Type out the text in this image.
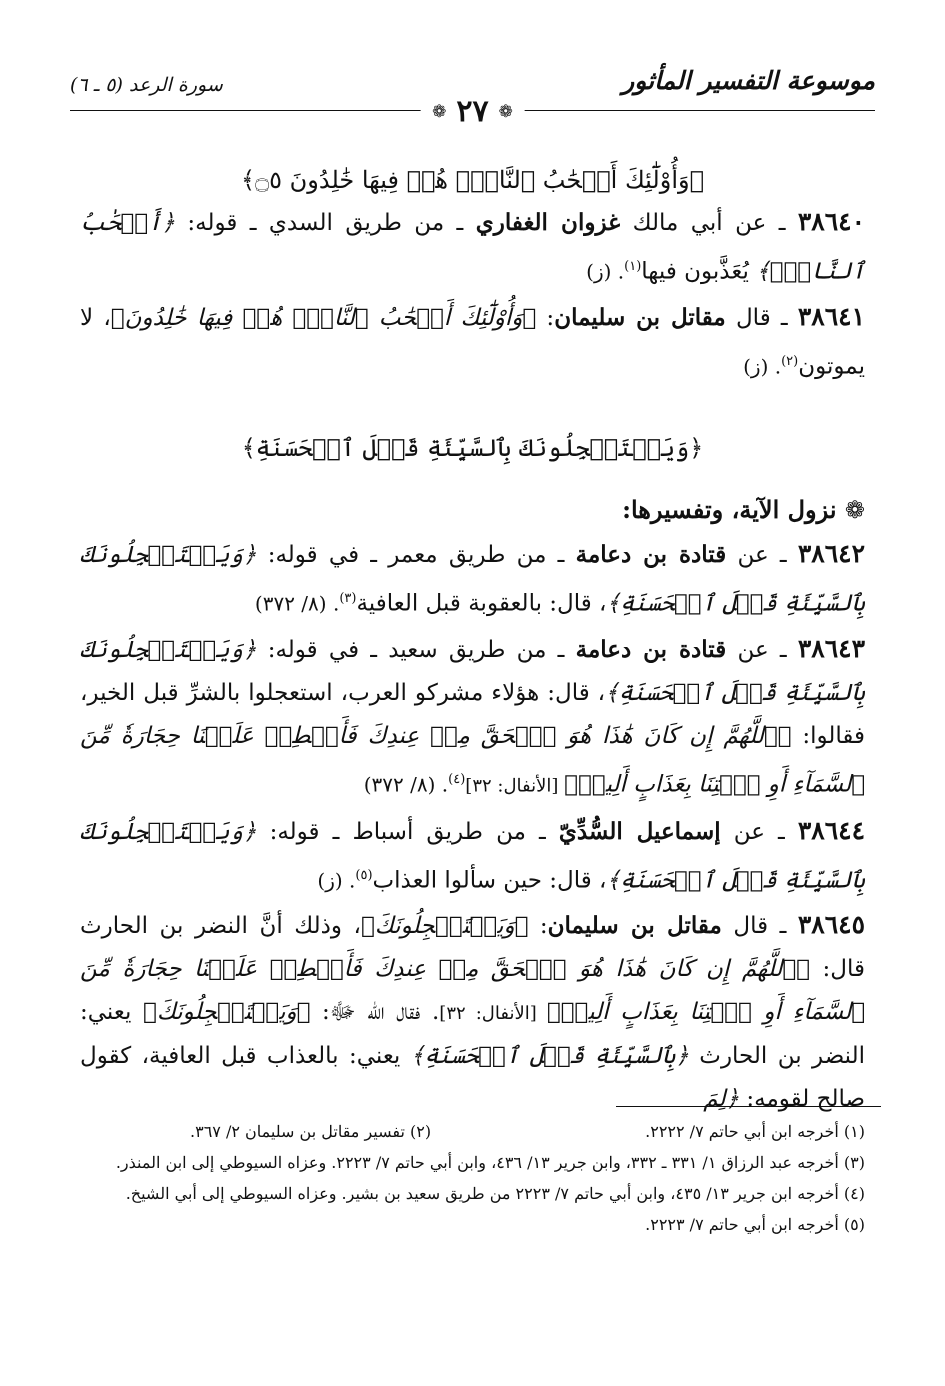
موسوعة التفسير المأثور
سورة الرعد (٥ ـ ٦)
❁ ٢٧ ❁

﴿وَأُوْلَٰٓئِكَ أَصۡحَٰبُ ٱلنَّارِۖ هُمۡ فِيهَا خَٰلِدُونَ ۝٥﴾

٣٨٦٤٠ ـ عن أبي مالك غزوان الغفاري ـ من طريق السدي ـ قوله: ﴿أَصۡحَٰبُ ٱلنَّارِۖ﴾ يُعَذَّبون فيها$^{(١)}$. (ز)

٣٨٦٤١ ـ قال مقاتل بن سليمان: ﴿وَأُوْلَٰٓئِكَ أَصۡحَٰبُ ٱلنَّارِۖ هُمۡ فِيهَا خَٰلِدُونَ﴾، لا يموتون$^{(٢)}$. (ز)

﴿وَيَسۡتَعۡجِلُونَكَ بِٱلسَّيِّئَةِ قَبۡلَ ٱلۡحَسَنَةِ﴾

❁ نزول الآية، وتفسيرها:

٣٨٦٤٢ ـ عن قتادة بن دعامة ـ من طريق معمر ـ في قوله: ﴿وَيَسۡتَعۡجِلُونَكَ بِٱلسَّيِّئَةِ قَبۡلَ ٱلۡحَسَنَةِ﴾، قال: بالعقوبة قبل العافية$^{(٣)}$. (٨/ ٣٧٢)

٣٨٦٤٣ ـ عن قتادة بن دعامة ـ من طريق سعيد ـ في قوله: ﴿وَيَسۡتَعۡجِلُونَكَ بِٱلسَّيِّئَةِ قَبۡلَ ٱلۡحَسَنَةِ﴾، قال: هؤلاء مشركو العرب، استعجلوا بالشرِّ قبل الخير، فقالوا: ﴿ٱللَّهُمَّ إِن كَانَ هَٰذَا هُوَ ٱلۡحَقَّ مِنۡ عِندِكَ فَأَمۡطِرۡ عَلَيۡنَا حِجَارَةٗ مِّنَ ٱلسَّمَآءِ أَوِ ٱئۡتِنَا بِعَذَابٍ أَلِيمٖ﴾ [الأنفال: ٣٢]$^{(٤)}$. (٨/ ٣٧٢)

٣٨٦٤٤ ـ عن إسماعيل السُّدِّيّ ـ من طريق أسباط ـ قوله: ﴿وَيَسۡتَعۡجِلُونَكَ بِٱلسَّيِّئَةِ قَبۡلَ ٱلۡحَسَنَةِ﴾، قال: حين سألوا العذاب$^{(٥)}$. (ز)

٣٨٦٤٥ ـ قال مقاتل بن سليمان: ﴿وَيَسۡتَعۡجِلُونَكَ﴾، وذلك أنَّ النضر بن الحارث قال: ﴿ٱللَّهُمَّ إِن كَانَ هَٰذَا هُوَ ٱلۡحَقَّ مِنۡ عِندِكَ فَأَمۡطِرۡ عَلَيۡنَا حِجَارَةٗ مِّنَ ٱلسَّمَآءِ أَوِ ٱئۡتِنَا بِعَذَابٍ أَلِيمٖ﴾ [الأنفال: ٣٢]. فقال الله ﷻ: ﴿وَيَسۡتَعۡجِلُونَكَ﴾ يعني: النضر بن الحارث ﴿بِٱلسَّيِّئَةِ قَبۡلَ ٱلۡحَسَنَةِ﴾ يعني: بالعذاب قبل العافية، كقول صالح لقومه: ﴿لِمَ

(١) أخرجه ابن أبي حاتم ٧/ ٢٢٢٢.
(٢) تفسير مقاتل بن سليمان ٢/ ٣٦٧.

(٣) أخرجه عبد الرزاق ١/ ٣٣١ ـ ٣٣٢، وابن جرير ١٣/ ٤٣٦، وابن أبي حاتم ٧/ ٢٢٢٣. وعزاه السيوطي إلى ابن المنذر.

(٤) أخرجه ابن جرير ١٣/ ٤٣٥، وابن أبي حاتم ٧/ ٢٢٢٣ من طريق سعيد بن بشير. وعزاه السيوطي إلى أبي الشيخ.

(٥) أخرجه ابن أبي حاتم ٧/ ٢٢٢٣.
